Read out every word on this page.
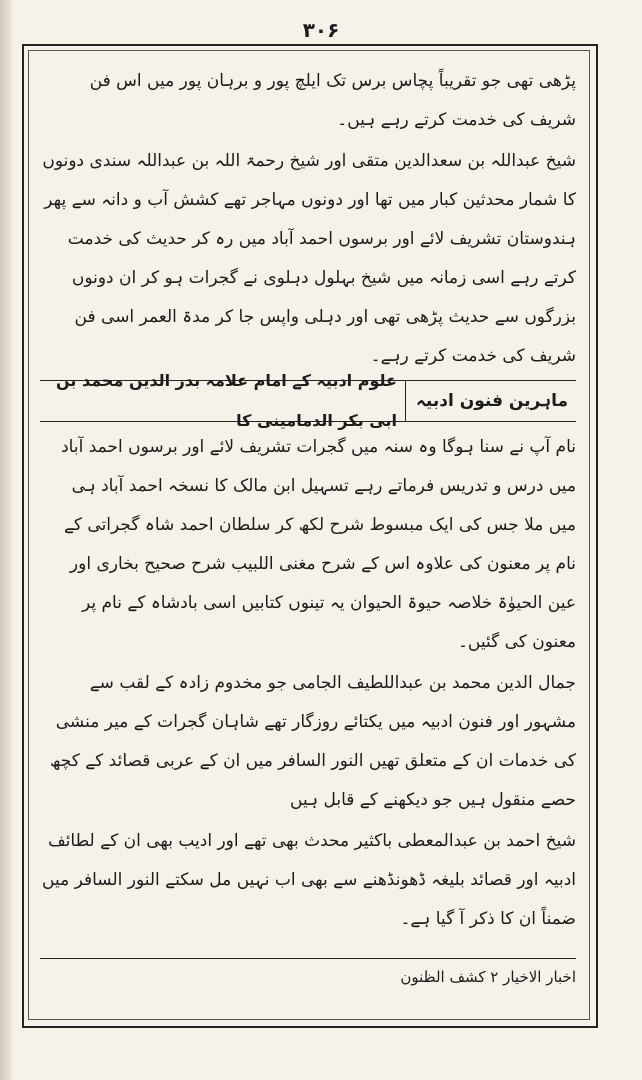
۳۰۶

پڑھی تھی جو تقریباً پچاس برس تک ایلچ پور و برہان پور میں اس فن شریف کی خدمت کرتے رہے ہیں۔

شیخ عبداللہ بن سعدالدین متقی اور شیخ رحمۃ اللہ بن عبداللہ سندی دونوں کا شمار محدثین کبار میں تھا اور دونوں مہاجر تھے کشش آب و دانہ سے پھر ہندوستان تشریف لائے اور برسوں احمد آباد میں رہ کر حدیث کی خدمت کرتے رہے اسی زمانہ میں شیخ بہلول دہلوی نے گجرات ہو کر ان دونوں بزرگوں سے حدیث پڑھی تھی اور دہلی واپس جا کر مدۃ العمر اسی فن شریف کی خدمت کرتے رہے۔

ماہرین فنون ادبیہ
علوم ادبیہ کے امام علامہ بدر الدین محمد بن ابی بکر الدمامینی کا

نام آپ نے سنا ہوگا وہ سنہ میں گجرات تشریف لائے اور برسوں احمد آباد میں درس و تدریس فرماتے رہے تسہیل ابن مالک کا نسخہ احمد آباد ہی میں ملا جس کی ایک مبسوط شرح لکھ کر سلطان احمد شاہ گجراتی کے نام پر معنون کی علاوہ اس کے شرح مغنی اللبیب شرح صحیح بخاری اور عین الحیوٰۃ خلاصہ حیوۃ الحیوان یہ تینوں کتابیں اسی بادشاہ کے نام پر معنون کی گئیں۔

جمال الدین محمد بن عبداللطیف الجامی جو مخدوم زادہ کے لقب سے مشہور اور فنون ادبیہ میں یکتائے روزگار تھے شاہان گجرات کے میر منشی کی خدمات ان کے متعلق تھیں النور السافر میں ان کے عربی قصائد کے کچھ حصے منقول ہیں جو دیکھنے کے قابل ہیں

شیخ احمد بن عبدالمعطی باکثیر محدث بھی تھے اور ادیب بھی ان کے لطائف ادبیہ اور قصائد بلیغہ ڈھونڈھنے سے بھی اب نہیں مل سکتے النور السافر میں ضمناً ان کا ذکر آ گیا ہے۔

اخبار الاخیار ۲ کشف الظنون
